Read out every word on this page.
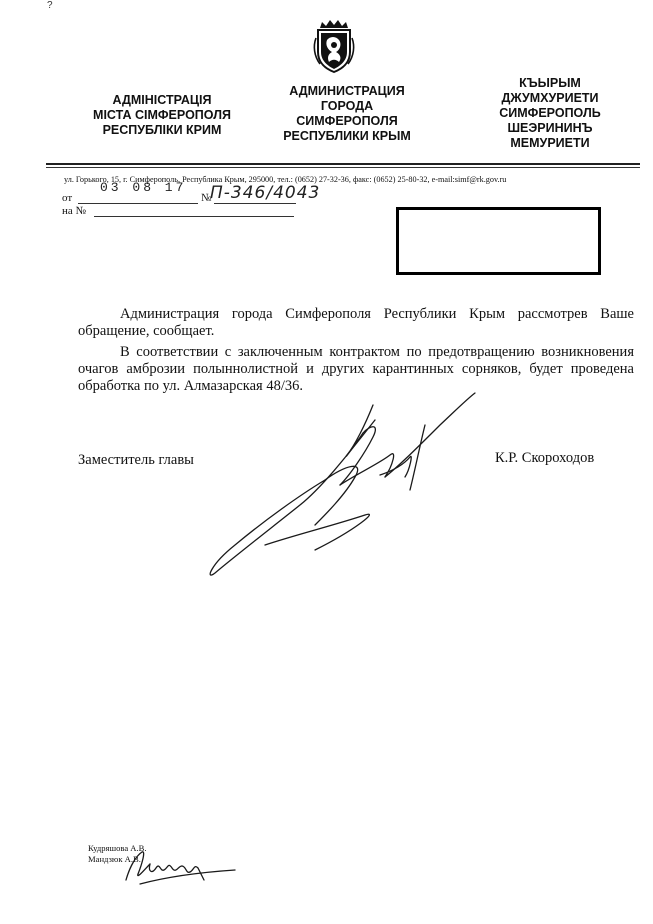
?
АДМІНІСТРАЦІЯ
МІСТА СІМФЕРОПОЛЯ
РЕСПУБЛІКИ КРИМ
АДМИНИСТРАЦИЯ
ГОРОДА
СИМФЕРОПОЛЯ
РЕСПУБЛИКИ КРЫМ
КЪЫРЫМ
ДЖУМХУРИЕТИ
СИМФЕРОПОЛЬ
ШЕЭРИНИНЪ
МЕМУРИЕТИ
ул. Горького, 15, г. Симферополь, Республика Крым, 295000, тел.: (0652) 27-32-36, факс: (0652) 25-80-32, e-mail:simf@rk.gov.ru
от
03 08 17
№
П-346/4043
на №
Администрация города Симферополя Республики Крым рассмотрев Ваше обращение, сообщает.
В соответствии с заключенным контрактом по предотвращению возникновения очагов амброзии полыннолистной и других карантинных сорняков, будет проведена обработка по ул. Алмазарская 48/36.
Заместитель главы	К.Р. Скороходов
Кудряшова А.В.
Мандзюк А.В.
